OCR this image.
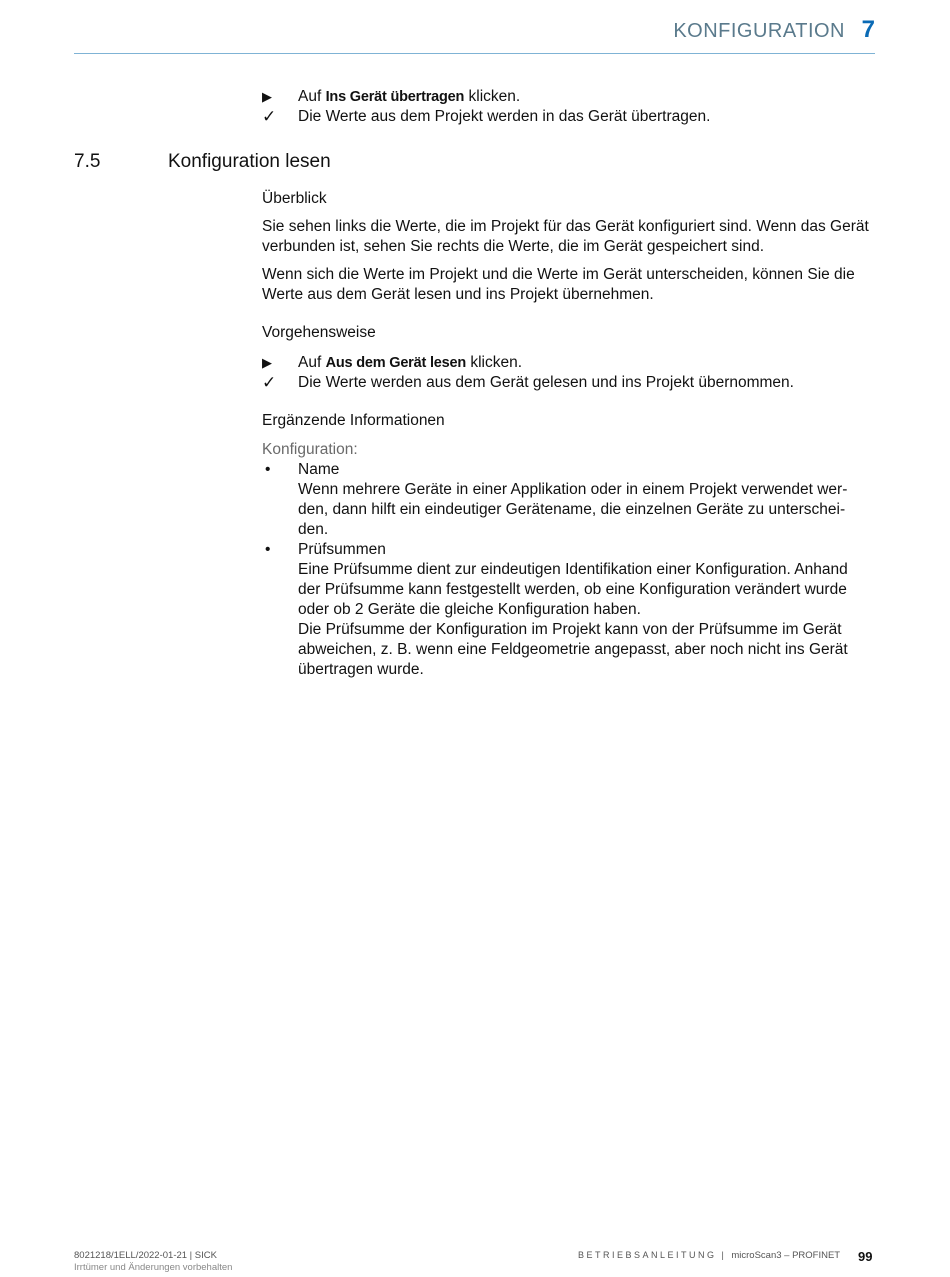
KONFIGURATION 7

▶ Auf Ins Gerät übertragen klicken.

✓ Die Werte aus dem Projekt werden in das Gerät übertragen.

7.5	Konfiguration lesen

Überblick

Sie sehen links die Werte, die im Projekt für das Gerät konfiguriert sind. Wenn das Gerät verbunden ist, sehen Sie rechts die Werte, die im Gerät gespeichert sind.

Wenn sich die Werte im Projekt und die Werte im Gerät unterscheiden, können Sie die Werte aus dem Gerät lesen und ins Projekt übernehmen.

Vorgehensweise

▶ Auf Aus dem Gerät lesen klicken.

✓ Die Werte werden aus dem Gerät gelesen und ins Projekt übernommen.

Ergänzende Informationen

Konfiguration:

• Name
Wenn mehrere Geräte in einer Applikation oder in einem Projekt verwendet wer-
den, dann hilft ein eindeutiger Gerätename, die einzelnen Geräte zu unterschei-
den.
• Prüfsummen
Eine Prüfsumme dient zur eindeutigen Identifikation einer Konfiguration. Anhand
der Prüfsumme kann festgestellt werden, ob eine Konfiguration verändert wurde
oder ob 2 Geräte die gleiche Konfiguration haben.
Die Prüfsumme der Konfiguration im Projekt kann von der Prüfsumme im Gerät
abweichen, z. B. wenn eine Feldgeometrie angepasst, aber noch nicht ins Gerät
übertragen wurde.
8021218/1ELL/2022-01-21 | SICK
Irrtümer und Änderungen vorbehalten
BETRIEBSANLEITUNG | microScan3 – PROFINET 99
